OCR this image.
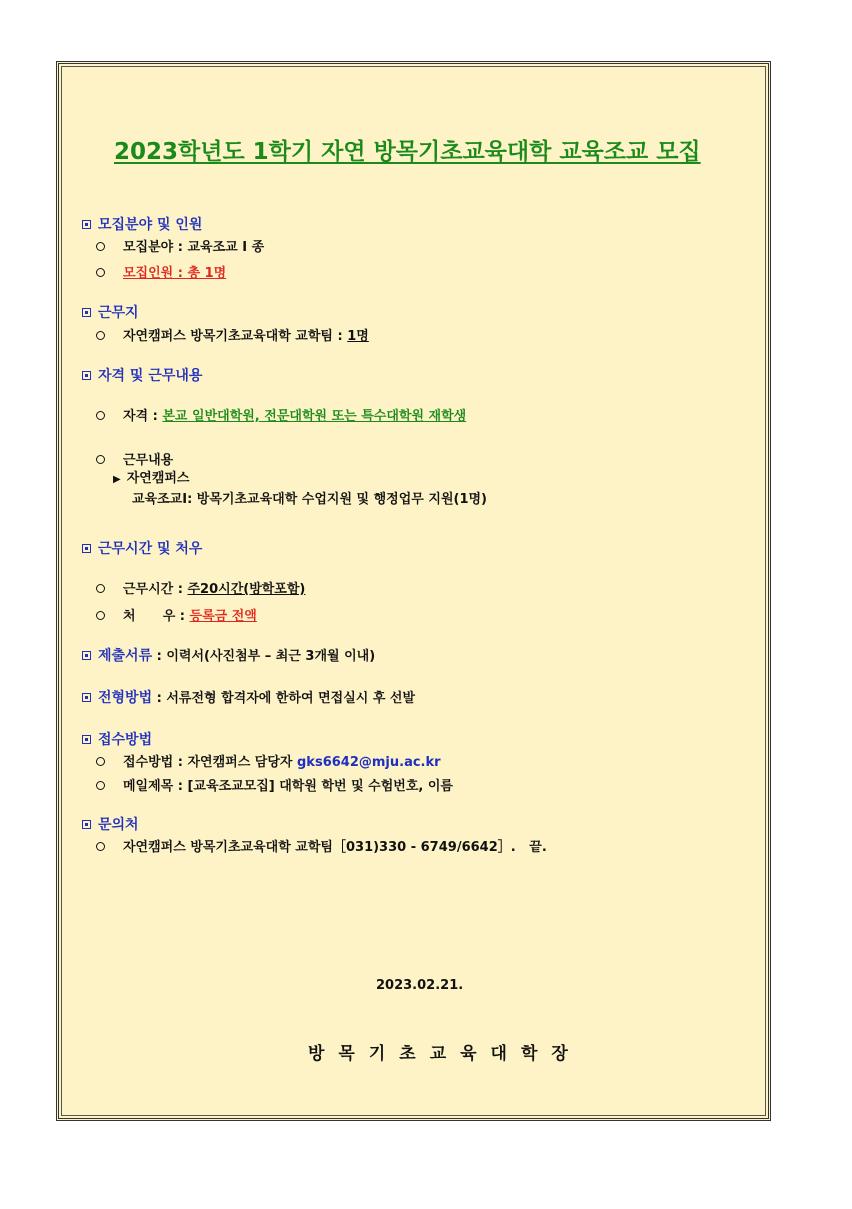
2023학년도 1학기 자연 방목기초교육대학 교육조교 모집
모집분야 및 인원
모집분야 : 교육조교 Ⅰ 종
모집인원 : 총 1명
근무지
자연캠퍼스 방목기초교육대학 교학팀 : 1명
자격 및 근무내용
자격 : 본교 일반대학원, 전문대학원 또는 특수대학원 재학생
근무내용
▶ 자연캠퍼스
교육조교Ⅰ: 방목기초교육대학 수업지원 및 행정업무 지원(1명)
근무시간 및 처우
근무시간 : 주20시간(방학포함)
처      우 : 등록금 전액
제출서류 : 이력서(사진첨부 – 최근 3개월 이내)
전형방법 : 서류전형 합격자에 한하여 면접실시 후 선발
접수방법
접수방법 : 자연캠퍼스 담당자 gks6642@mju.ac.kr
메일제목 : [교육조교모집] 대학원 학번 및 수험번호, 이름
문의처
자연캠퍼스 방목기초교육대학 교학팀［031)330 - 6749/6642］.   끝.
2023.02.21.
방목기초교육대학장
